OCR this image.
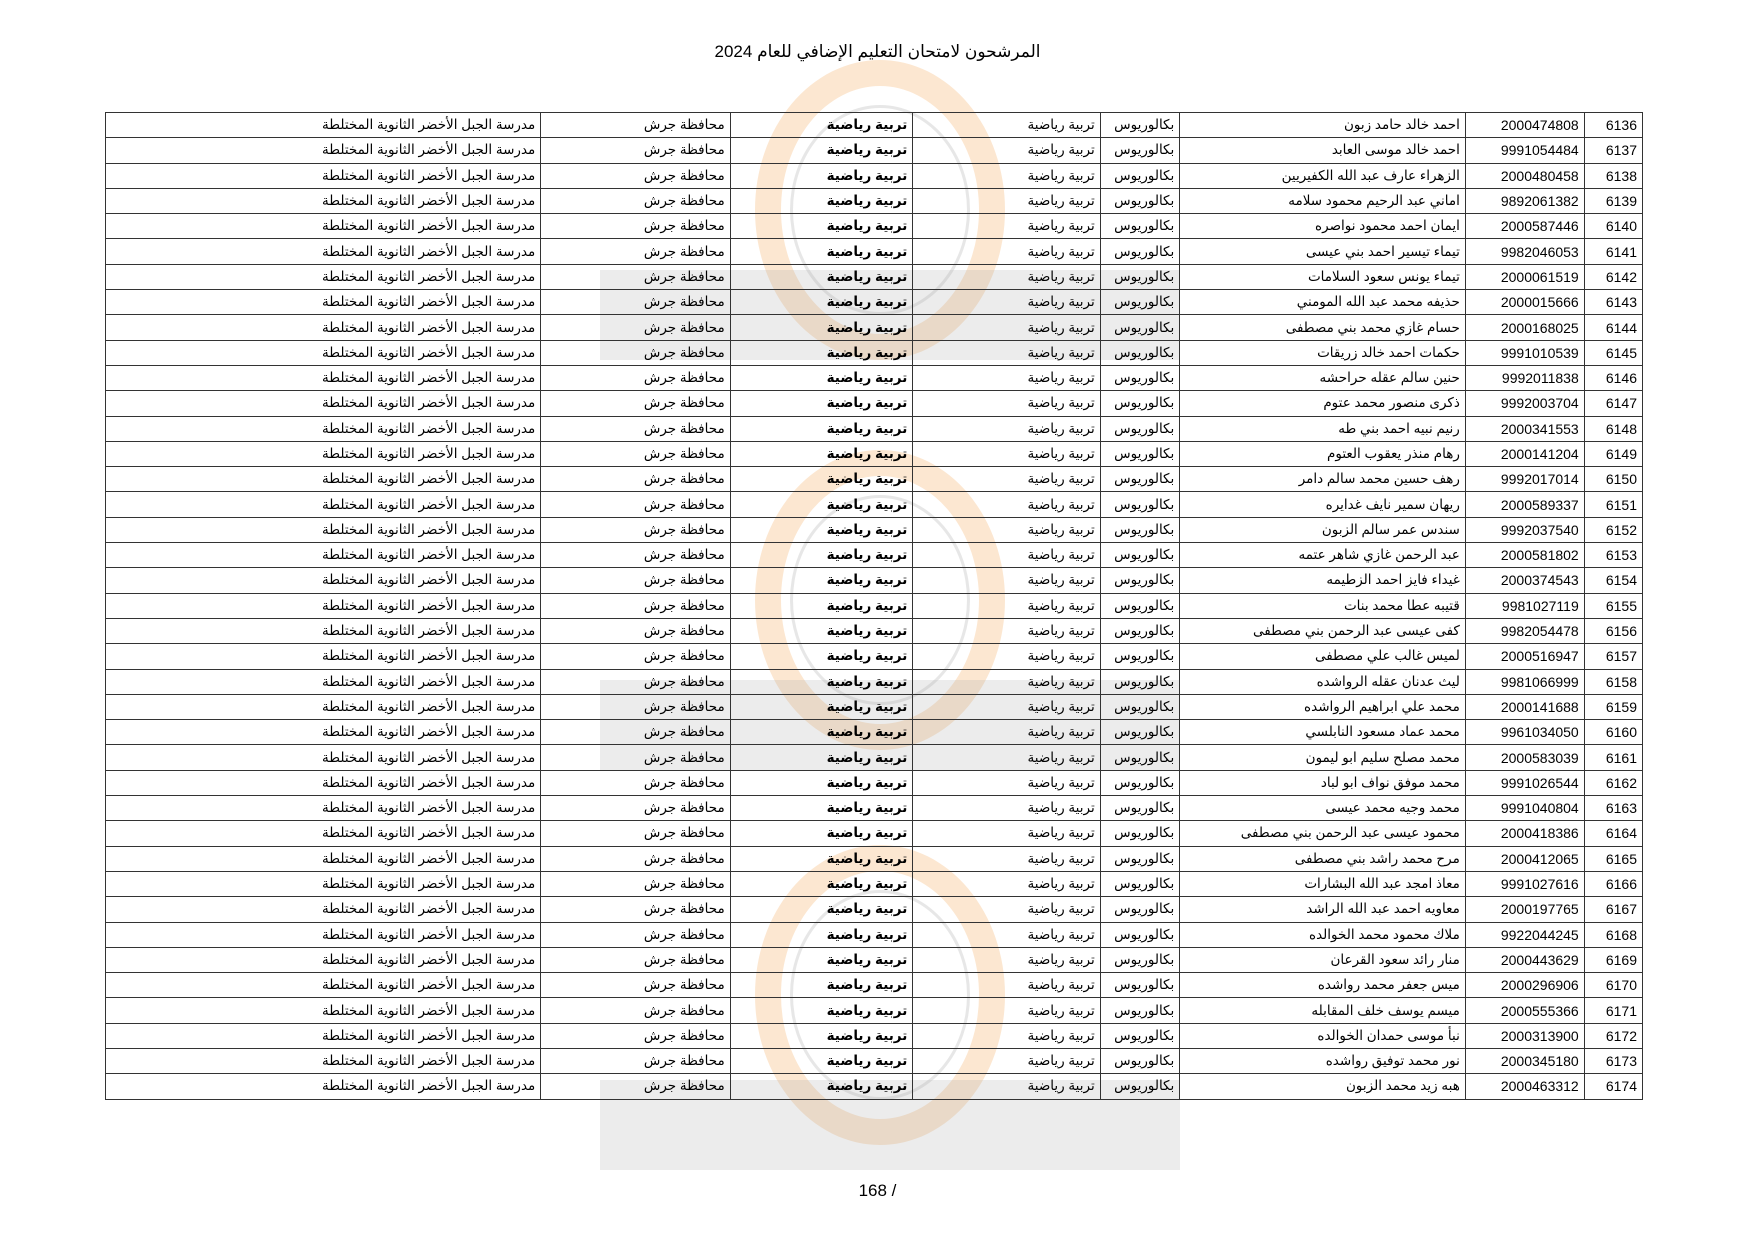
المرشحون لامتحان التعليم الإضافي للعام 2024
6136	2000474808	احمد خالد حامد زبون	بكالوريوس	تربية رياضية	تربية رياضية	محافظة جرش	مدرسة الجبل الأخضر الثانوية المختلطة
6137	9991054484	احمد خالد موسى العابد	بكالوريوس	تربية رياضية	تربية رياضية	محافظة جرش	مدرسة الجبل الأخضر الثانوية المختلطة
6138	2000480458	الزهراء عارف عبد الله الكفيريين	بكالوريوس	تربية رياضية	تربية رياضية	محافظة جرش	مدرسة الجبل الأخضر الثانوية المختلطة
6139	9892061382	اماني عبد الرحيم محمود سلامه	بكالوريوس	تربية رياضية	تربية رياضية	محافظة جرش	مدرسة الجبل الأخضر الثانوية المختلطة
6140	2000587446	ايمان احمد محمود نواصره	بكالوريوس	تربية رياضية	تربية رياضية	محافظة جرش	مدرسة الجبل الأخضر الثانوية المختلطة
6141	9982046053	تيماء تيسير احمد بني عيسى	بكالوريوس	تربية رياضية	تربية رياضية	محافظة جرش	مدرسة الجبل الأخضر الثانوية المختلطة
6142	2000061519	تيماء يونس سعود السلامات	بكالوريوس	تربية رياضية	تربية رياضية	محافظة جرش	مدرسة الجبل الأخضر الثانوية المختلطة
6143	2000015666	حذيفه محمد عبد الله المومني	بكالوريوس	تربية رياضية	تربية رياضية	محافظة جرش	مدرسة الجبل الأخضر الثانوية المختلطة
6144	2000168025	حسام غازي محمد بني مصطفى	بكالوريوس	تربية رياضية	تربية رياضية	محافظة جرش	مدرسة الجبل الأخضر الثانوية المختلطة
6145	9991010539	حكمات احمد خالد زريقات	بكالوريوس	تربية رياضية	تربية رياضية	محافظة جرش	مدرسة الجبل الأخضر الثانوية المختلطة
6146	9992011838	حنين سالم عقله حراحشه	بكالوريوس	تربية رياضية	تربية رياضية	محافظة جرش	مدرسة الجبل الأخضر الثانوية المختلطة
6147	9992003704	ذكرى منصور محمد عتوم	بكالوريوس	تربية رياضية	تربية رياضية	محافظة جرش	مدرسة الجبل الأخضر الثانوية المختلطة
6148	2000341553	رنيم نبيه احمد بني طه	بكالوريوس	تربية رياضية	تربية رياضية	محافظة جرش	مدرسة الجبل الأخضر الثانوية المختلطة
6149	2000141204	رهام منذر يعقوب العتوم	بكالوريوس	تربية رياضية	تربية رياضية	محافظة جرش	مدرسة الجبل الأخضر الثانوية المختلطة
6150	9992017014	رهف حسين محمد سالم دامر	بكالوريوس	تربية رياضية	تربية رياضية	محافظة جرش	مدرسة الجبل الأخضر الثانوية المختلطة
6151	2000589337	ريهان سمير نايف غدايره	بكالوريوس	تربية رياضية	تربية رياضية	محافظة جرش	مدرسة الجبل الأخضر الثانوية المختلطة
6152	9992037540	سندس عمر سالم الزبون	بكالوريوس	تربية رياضية	تربية رياضية	محافظة جرش	مدرسة الجبل الأخضر الثانوية المختلطة
6153	2000581802	عبد الرحمن غازي شاهر عتمه	بكالوريوس	تربية رياضية	تربية رياضية	محافظة جرش	مدرسة الجبل الأخضر الثانوية المختلطة
6154	2000374543	غيداء فايز احمد الزطيمه	بكالوريوس	تربية رياضية	تربية رياضية	محافظة جرش	مدرسة الجبل الأخضر الثانوية المختلطة
6155	9981027119	قتيبه عطا محمد بنات	بكالوريوس	تربية رياضية	تربية رياضية	محافظة جرش	مدرسة الجبل الأخضر الثانوية المختلطة
6156	9982054478	كفى عيسى عبد الرحمن بني مصطفى	بكالوريوس	تربية رياضية	تربية رياضية	محافظة جرش	مدرسة الجبل الأخضر الثانوية المختلطة
6157	2000516947	لميس غالب علي مصطفى	بكالوريوس	تربية رياضية	تربية رياضية	محافظة جرش	مدرسة الجبل الأخضر الثانوية المختلطة
6158	9981066999	ليث عدنان عقله الرواشده	بكالوريوس	تربية رياضية	تربية رياضية	محافظة جرش	مدرسة الجبل الأخضر الثانوية المختلطة
6159	2000141688	محمد علي ابراهيم الرواشده	بكالوريوس	تربية رياضية	تربية رياضية	محافظة جرش	مدرسة الجبل الأخضر الثانوية المختلطة
6160	9961034050	محمد عماد مسعود النابلسي	بكالوريوس	تربية رياضية	تربية رياضية	محافظة جرش	مدرسة الجبل الأخضر الثانوية المختلطة
6161	2000583039	محمد مصلح سليم ابو ليمون	بكالوريوس	تربية رياضية	تربية رياضية	محافظة جرش	مدرسة الجبل الأخضر الثانوية المختلطة
6162	9991026544	محمد موفق نواف ابو لباد	بكالوريوس	تربية رياضية	تربية رياضية	محافظة جرش	مدرسة الجبل الأخضر الثانوية المختلطة
6163	9991040804	محمد وجيه محمد عيسى	بكالوريوس	تربية رياضية	تربية رياضية	محافظة جرش	مدرسة الجبل الأخضر الثانوية المختلطة
6164	2000418386	محمود عيسى عبد الرحمن بني مصطفى	بكالوريوس	تربية رياضية	تربية رياضية	محافظة جرش	مدرسة الجبل الأخضر الثانوية المختلطة
6165	2000412065	مرح محمد راشد بني مصطفى	بكالوريوس	تربية رياضية	تربية رياضية	محافظة جرش	مدرسة الجبل الأخضر الثانوية المختلطة
6166	9991027616	معاذ امجد عبد الله البشارات	بكالوريوس	تربية رياضية	تربية رياضية	محافظة جرش	مدرسة الجبل الأخضر الثانوية المختلطة
6167	2000197765	معاويه احمد عبد الله الراشد	بكالوريوس	تربية رياضية	تربية رياضية	محافظة جرش	مدرسة الجبل الأخضر الثانوية المختلطة
6168	9922044245	ملاك محمود محمد الخوالده	بكالوريوس	تربية رياضية	تربية رياضية	محافظة جرش	مدرسة الجبل الأخضر الثانوية المختلطة
6169	2000443629	منار رائد سعود القرعان	بكالوريوس	تربية رياضية	تربية رياضية	محافظة جرش	مدرسة الجبل الأخضر الثانوية المختلطة
6170	2000296906	ميس جعفر محمد رواشده	بكالوريوس	تربية رياضية	تربية رياضية	محافظة جرش	مدرسة الجبل الأخضر الثانوية المختلطة
6171	2000555366	ميسم يوسف خلف المقابله	بكالوريوس	تربية رياضية	تربية رياضية	محافظة جرش	مدرسة الجبل الأخضر الثانوية المختلطة
6172	2000313900	نبأ موسى حمدان الخوالده	بكالوريوس	تربية رياضية	تربية رياضية	محافظة جرش	مدرسة الجبل الأخضر الثانوية المختلطة
6173	2000345180	نور محمد توفيق رواشده	بكالوريوس	تربية رياضية	تربية رياضية	محافظة جرش	مدرسة الجبل الأخضر الثانوية المختلطة
6174	2000463312	هبه زيد محمد الزبون	بكالوريوس	تربية رياضية	تربية رياضية	محافظة جرش	مدرسة الجبل الأخضر الثانوية المختلطة
168 /
